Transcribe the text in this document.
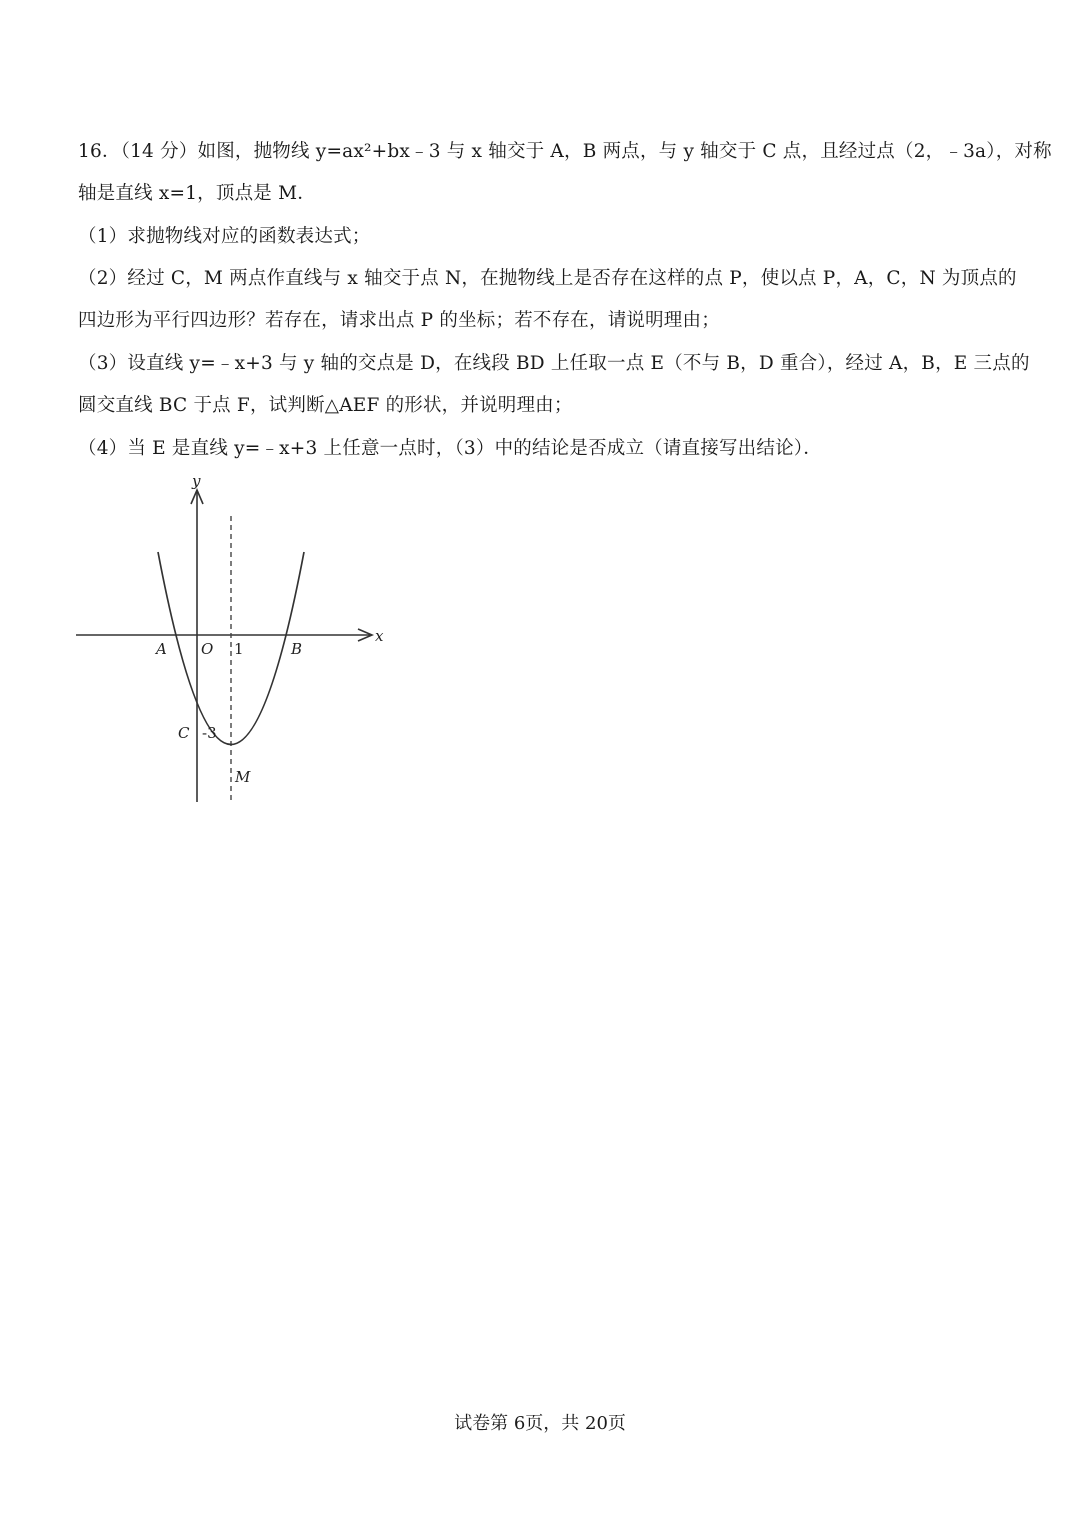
16．（14 分）如图，抛物线 y=ax²+bx﹣3 与 x 轴交于 A，B 两点，与 y 轴交于 C 点，且经过点（2，﹣3a），对称
轴是直线 x=1，顶点是 M．
（1）求抛物线对应的函数表达式；
（2）经过 C，M 两点作直线与 x 轴交于点 N，在抛物线上是否存在这样的点 P，使以点 P，A，C，N 为顶点的
四边形为平行四边形？若存在，请求出点 P 的坐标；若不存在，请说明理由；
（3）设直线 y=﹣x+3 与 y 轴的交点是 D，在线段 BD 上任取一点 E（不与 B，D 重合），经过 A，B，E 三点的
圆交直线 BC 于点 F，试判断△AEF 的形状，并说明理由；
（4）当 E 是直线 y=﹣x+3 上任意一点时，（3）中的结论是否成立（请直接写出结论）．
y
x
A O 1	B
C -3
M
试卷第 6页，共 20页
